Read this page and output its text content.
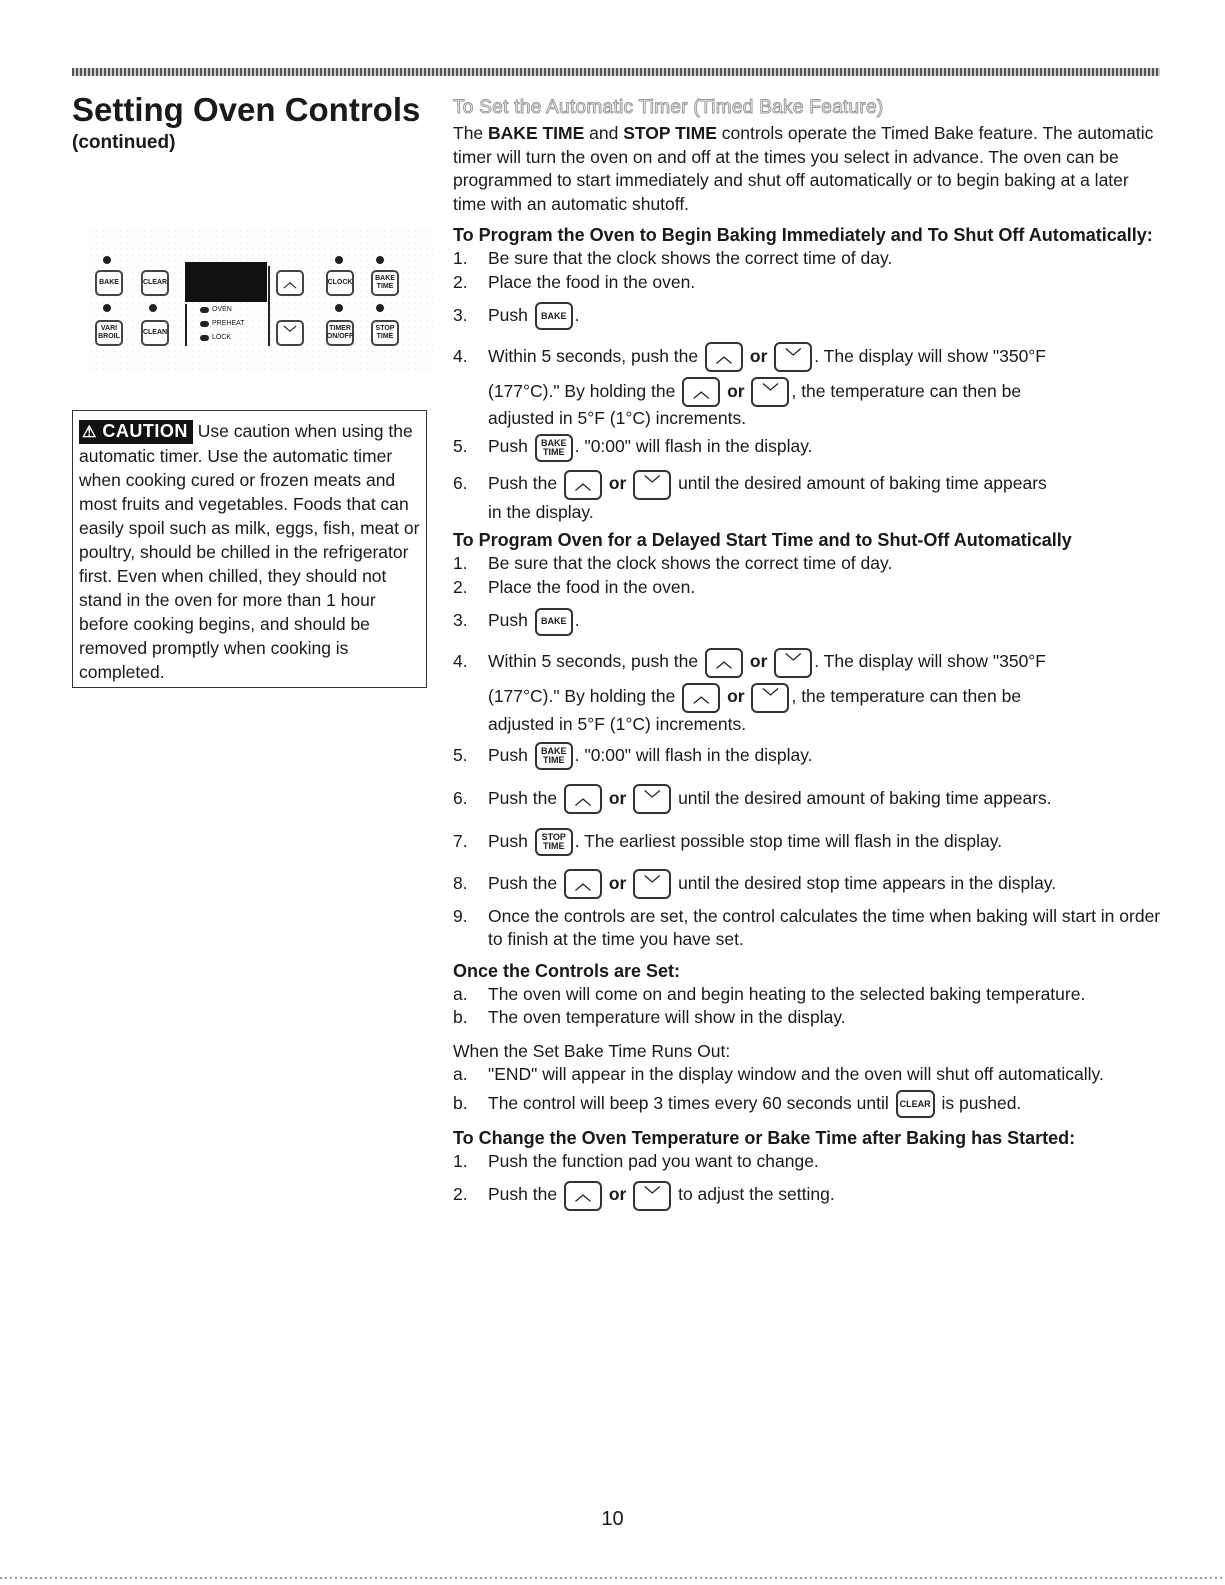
Setting Oven Controls
(continued)
BAKE	CLEAR	︿	CLOCK
BAKE
TIME
OVEN
PREHEAT
LOCK
VARI
BROIL
CLEAN	﹀	TIMER
ON/OFF
STOP
TIME
⚠ CAUTION Use caution when using the automatic timer. Use the automatic timer when cooking cured or frozen meats and most fruits and vegetables. Foods that can easily spoil such as milk, eggs, fish, meat or poultry, should be chilled in the refrigerator first. Even when chilled, they should not stand in the oven for more than 1 hour before cooking begins, and should be removed promptly when cooking is completed.
To Set the Automatic Timer (Timed Bake Feature)

The BAKE TIME and STOP TIME controls operate the Timed Bake feature. The automatic timer will turn the oven on and off at the times you select in advance. The oven can be programmed to start immediately and shut off automatically or to begin baking at a later time with an automatic shutoff.

To Program the Oven to Begin Baking Immediately and To Shut Off Automatically:
1. Be sure that the clock shows the correct time of day.
2. Place the food in the oven.
3. Push BAKE .
4. Within 5 seconds, push the ︿ or ﹀ . The display will show "350°F
(177°C)." By holding the ︿ or ﹀ , the temperature can then be
adjusted in 5°F (1°C) increments.
5. Push BAKE
TIME . "0:00" will flash in the display.
6. Push the ︿ or ﹀ until the desired amount of baking time appears
in the display.
To Program Oven for a Delayed Start Time and to Shut-Off Automatically
1. Be sure that the clock shows the correct time of day.
2. Place the food in the oven.
3. Push BAKE .
4. Within 5 seconds, push the ︿ or ﹀ . The display will show "350°F
(177°C)." By holding the ︿ or ﹀ , the temperature can then be
adjusted in 5°F (1°C) increments.
5. Push BAKE
TIME . "0:00" will flash in the display.
6. Push the ︿ or ﹀ until the desired amount of baking time appears.
7. Push STOP
TIME . The earliest possible stop time will flash in the display.
8. Push the ︿ or ﹀ until the desired stop time appears in the display.
9. Once the controls are set, the control calculates the time when baking will start in order to finish at the time you have set.
Once the Controls are Set:
a. The oven will come on and begin heating to the selected baking temperature.
b. The oven temperature will show in the display.

When the Set Bake Time Runs Out:

a. "END" will appear in the display window and the oven will shut off automatically.
b. The control will beep 3 times every 60 seconds until CLEAR is pushed.
To Change the Oven Temperature or Bake Time after Baking has Started:
1. Push the function pad you want to change.
2. Push the ︿ or ﹀ to adjust the setting.
10
